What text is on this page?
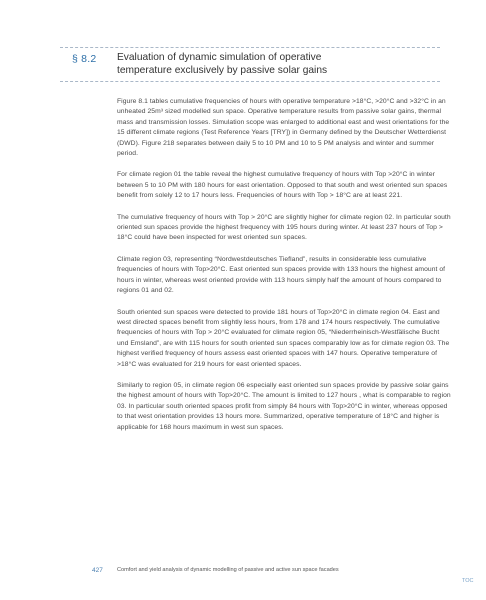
§ 8.2 Evaluation of dynamic simulation of operative
temperature exclusively by passive solar gains

Figure 8.1 tables cumulative frequencies of hours with operative temperature >18°C, >20°C and >32°C in an unheated 25m³ sized modelled sun space. Operative temperature results from passive solar gains, thermal mass and transmission losses. Simulation scope was enlarged to additional east and west orientations for the 15 different climate regions (Test Reference Years [TRY]) in Germany defined by the Deutscher Wetterdienst (DWD). Figure 218 separates between daily 5 to 10 PM and 10 to 5 PM analysis and winter and summer period.

For climate region 01 the table reveal the highest cumulative frequency of hours with Top >20°C in winter between 5 to 10 PM with 180 hours for east orientation. Opposed to that south and west oriented sun spaces benefit from solely 12 to 17 hours less. Frequencies of hours with Top > 18°C are at least 221.

The cumulative frequency of hours with Top > 20°C are slightly higher for climate region 02. In particular south oriented sun spaces provide the highest frequency with 195 hours during winter. At least 237 hours of Top > 18°C could have been inspected for west oriented sun spaces.

Climate region 03, representing “Nordwestdeutsches Tiefland”, results in considerable less cumulative frequencies of hours with Top>20°C. East oriented sun spaces provide with 133 hours the highest amount of hours in winter, whereas west oriented provide with 113 hours simply half the amount of hours compared to regions 01 and 02.

South oriented sun spaces were detected to provide 181 hours of Top>20°C in climate region 04. East and west directed spaces benefit from slightly less hours, from 178 and 174 hours respectively. The cumulative frequencies of hours with Top > 20°C evaluated for climate region 05, “Niederrheinisch-Westfälische Bucht und Emsland”, are with 115 hours for south oriented sun spaces comparably low as for climate region 03. The highest verified frequency of hours assess east oriented spaces with 147 hours. Operative temperature of >18°C was evaluated for 219 hours for east oriented spaces.

Similarly to region 05, in climate region 06 especially east oriented sun spaces provide by passive solar gains the highest amount of hours with Top>20°C. The amount is limited to 127 hours , what is comparable to region 03. In particular south oriented spaces profit from simply 84 hours with Top>20°C in winter, whereas opposed to that west orientation provides 13 hours more. Summarized, operative temperature of 18°C and higher is applicable for 168 hours maximum in west sun spaces.

427	Comfort and yield analysis of dynamic modelling of passive and active sun space facades
TOC
